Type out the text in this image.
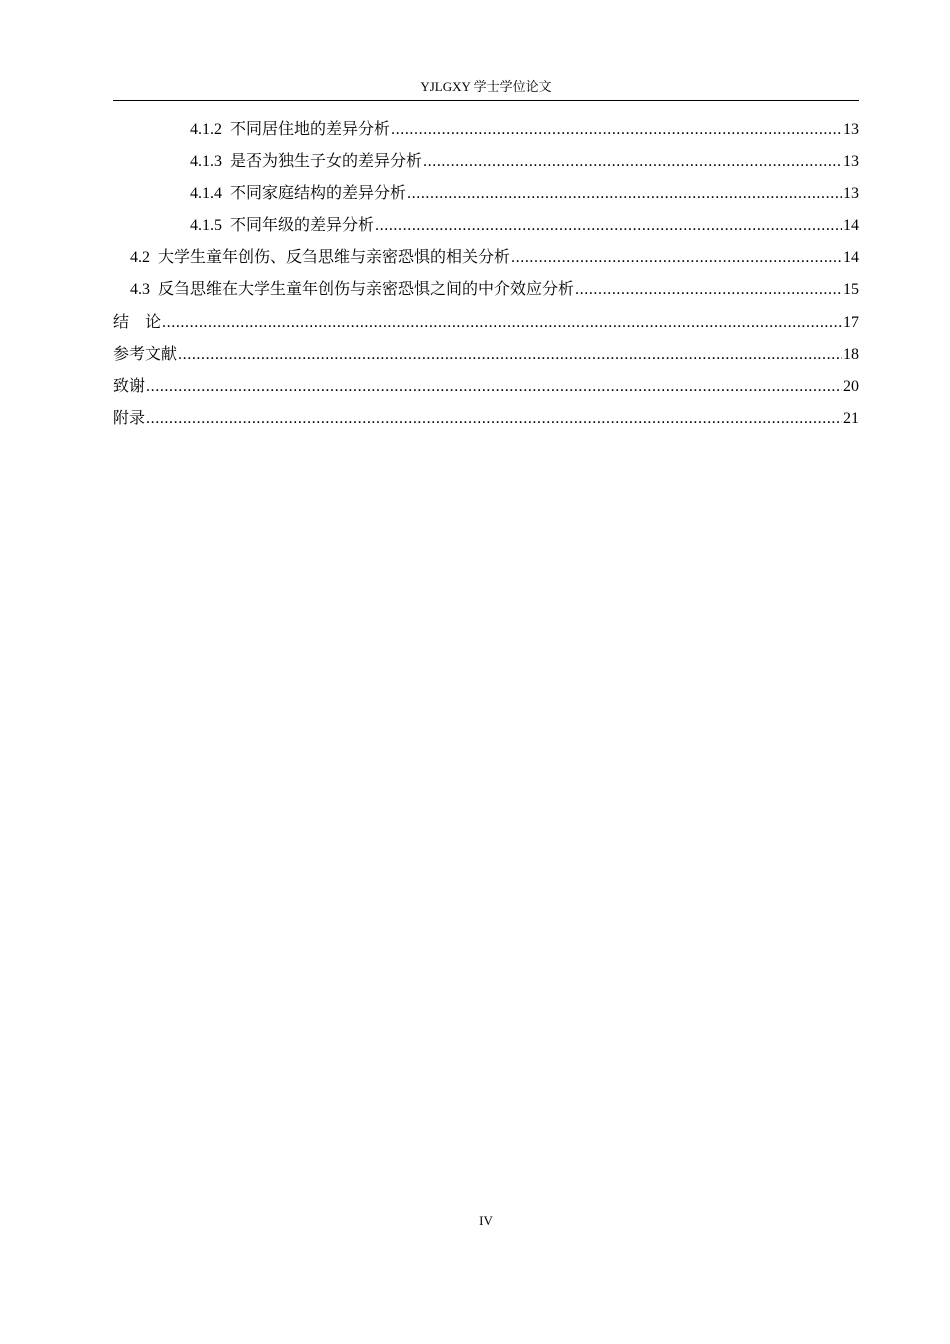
YJLGXY 学士学位论文
4.1.2 不同居住地的差异分析 .....	13
4.1.3 是否为独生子女的差异分析 .....	13
4.1.4 不同家庭结构的差异分析 .....	13
4.1.5 不同年级的差异分析 .....	14
4.2 大学生童年创伤、反刍思维与亲密恐惧的相关分析 .....	14
4.3 反刍思维在大学生童年创伤与亲密恐惧之间的中介效应分析 .....	15
结　论 .....	17
参考文献 .....	18
致谢 .....	20
附录 .....	21
IV
